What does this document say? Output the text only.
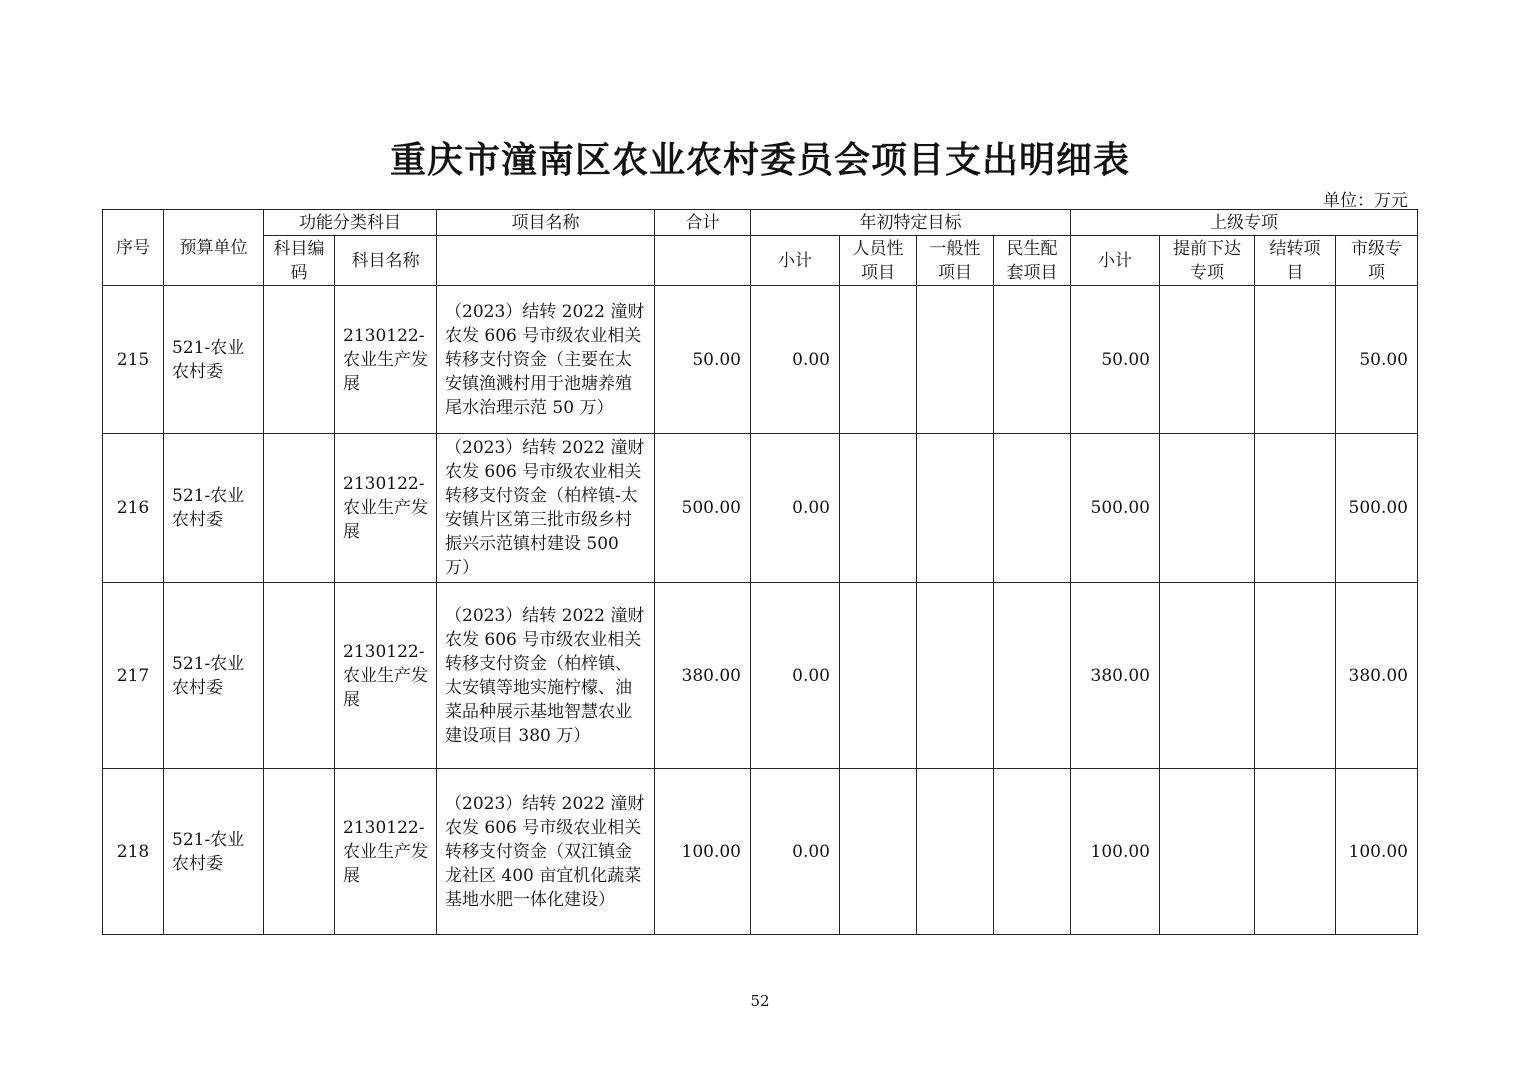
重庆市潼南区农业农村委员会项目支出明细表
单位：万元
序号	预算单位	功能分类科目		项目名称	合计	年初特定目标				上级专项			
		科目编码	科目名称			小计	人员性项目	一般性项目	民生配套项目	小计	提前下达专项	结转项目	市级专项
215	521-农业农村委		2130122-农业生产发展	（2023）结转 2022 潼财农发 606 号市级农业相关转移支付资金（主要在太安镇渔溅村用于池塘养殖尾水治理示范 50 万）	50.00	0.00				50.00			50.00
216	521-农业农村委		2130122-农业生产发展	（2023）结转 2022 潼财农发 606 号市级农业相关转移支付资金（柏梓镇-太安镇片区第三批市级乡村振兴示范镇村建设 500 万）	500.00	0.00				500.00			500.00
217	521-农业农村委		2130122-农业生产发展	（2023）结转 2022 潼财农发 606 号市级农业相关转移支付资金（柏梓镇、太安镇等地实施柠檬、油菜品种展示基地智慧农业建设项目 380 万）	380.00	0.00				380.00			380.00
218	521-农业农村委		2130122-农业生产发展	（2023）结转 2022 潼财农发 606 号市级农业相关转移支付资金（双江镇金龙社区 400 亩宜机化蔬菜基地水肥一体化建设）	100.00	0.00				100.00			100.00
52
